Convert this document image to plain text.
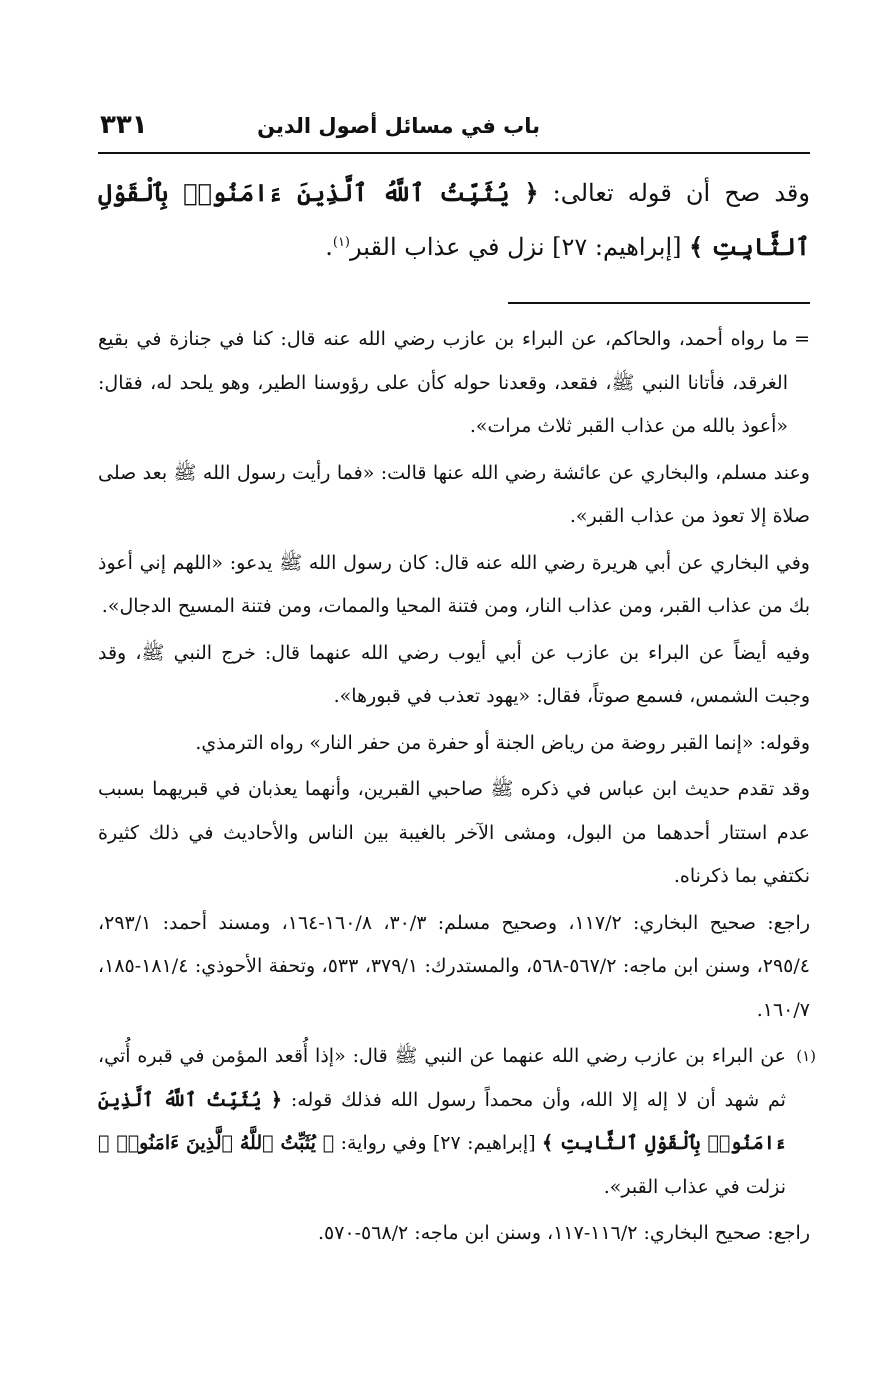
باب في مسائل أصول الدين
٣٣١

وقد صح أن قوله تعالى: ﴿ يُثَبِّتُ ٱللَّهُ ٱلَّذِينَ ءَامَنُوا۟ بِٱلْقَوْلِ ٱلثَّابِتِ ﴾ [إبراهيم: ٢٧] نزل في عذاب القبر$^{(١)}$.

=
ما رواه أحمد، والحاكم، عن البراء بن عازب رضي الله عنه قال: كنا في جنازة في بقيع الغرقد، فأتانا النبي ﷺ، فقعد، وقعدنا حوله كأن على رؤوسنا الطير، وهو يلحد له، فقال: «أعوذ بالله من عذاب القبر ثلاث مرات».

وعند مسلم، والبخاري عن عائشة رضي الله عنها قالت: «فما رأيت رسول الله ﷺ بعد صلى صلاة إلا تعوذ من عذاب القبر».

وفي البخاري عن أبي هريرة رضي الله عنه قال: كان رسول الله ﷺ يدعو: «اللهم إني أعوذ بك من عذاب القبر، ومن عذاب النار، ومن فتنة المحيا والممات، ومن فتنة المسيح الدجال».

وفيه أيضاً عن البراء بن عازب عن أبي أيوب رضي الله عنهما قال: خرج النبي ﷺ، وقد وجبت الشمس، فسمع صوتاً، فقال: «يهود تعذب في قبورها».

وقوله: «إنما القبر روضة من رياض الجنة أو حفرة من حفر النار» رواه الترمذي.

وقد تقدم حديث ابن عباس في ذكره ﷺ صاحبي القبرين، وأنهما يعذبان في قبريهما بسبب عدم استتار أحدهما من البول، ومشى الآخر بالغيبة بين الناس والأحاديث في ذلك كثيرة نكتفي بما ذكرناه.

راجع: صحيح البخاري: ١١٧/٢، وصحيح مسلم: ٣٠/٣، ١٦٠/٨-١٦٤، ومسند أحمد: ٢٩٣/١، ٢٩٥/٤، وسنن ابن ماجه: ٥٦٧/٢-٥٦٨، والمستدرك: ٣٧٩/١، ٥٣٣، وتحفة الأحوذي: ١٨١/٤-١٨٥، ١٦٠/٧.

(١)
عن البراء بن عازب رضي الله عنهما عن النبي ﷺ قال: «إذا أُقعد المؤمن في قبره أُتي، ثم شهد أن لا إله إلا الله، وأن محمداً رسول الله فذلك قوله: ﴿ يُثَبِّتُ ٱللَّهُ ٱلَّذِينَ ءَامَنُوا۟ بِٱلْقَوْلِ ٱلثَّابِتِ ﴾ [إبراهيم: ٢٧] وفي رواية: ﴿ يُثَبِّتُ ٱللَّهُ ٱلَّذِينَ ءَامَنُوا۟ ﴾ نزلت في عذاب القبر».

راجع: صحيح البخاري: ١١٦/٢-١١٧، وسنن ابن ماجه: ٥٦٨/٢-٥٧٠.
